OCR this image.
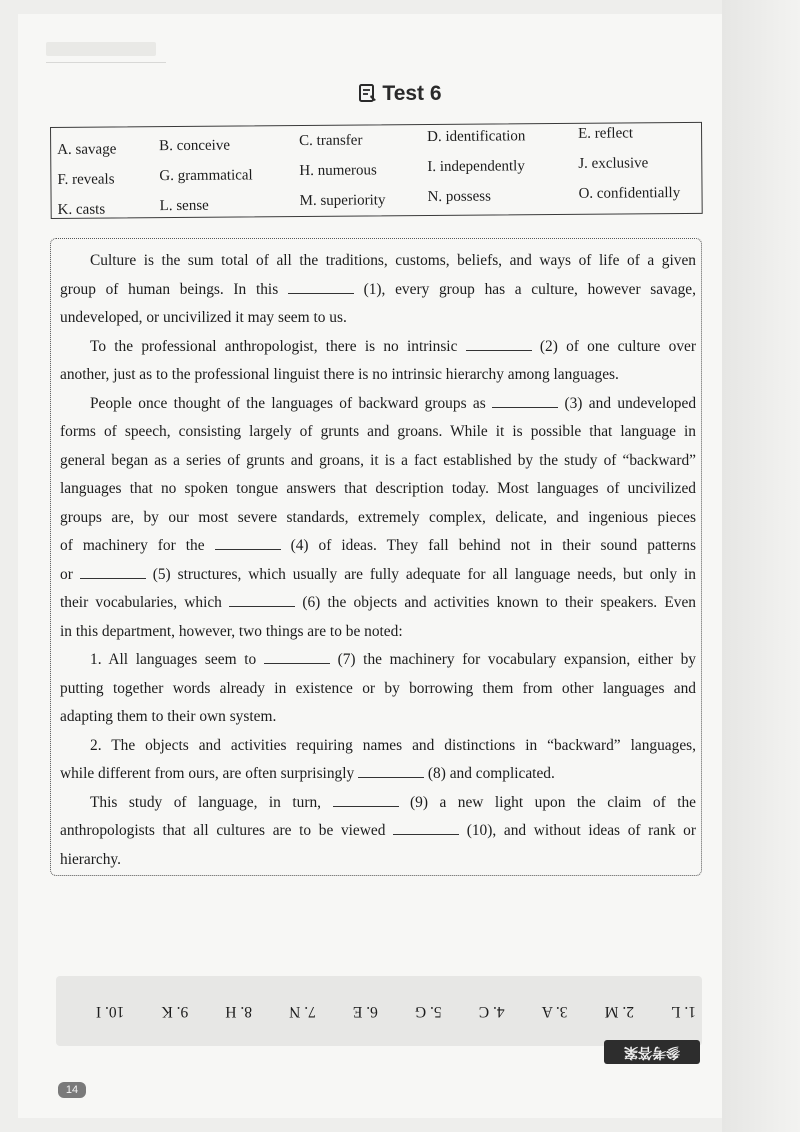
Test 6
A. savage	B. conceive	C. transfer	D. identification	E. reflect
F. reveals	G. grammatical	H. numerous	I. independently	J. exclusive
K. casts	L. sense	M. superiority	N. possess	O. confidentially
Culture is the sum total of all the traditions, customs, beliefs, and ways of life of a given
group of human beings. In this	(1), every group has a culture, however savage,
undeveloped, or uncivilized it may seem to us.
To the professional anthropologist, there is no intrinsic	(2) of one culture over
another, just as to the professional linguist there is no intrinsic hierarchy among languages.
People once thought of the languages of backward groups as	(3) and undeveloped
forms of speech, consisting largely of grunts and groans. While it is possible that language in
general began as a series of grunts and groans, it is a fact established by the study of “backward”
languages that no spoken tongue answers that description today. Most languages of uncivilized
groups are, by our most severe standards, extremely complex, delicate, and ingenious pieces
of machinery for the	(4) of ideas. They fall behind not in their sound patterns
or	(5) structures, which usually are fully adequate for all language needs, but only in
their vocabularies, which	(6) the objects and activities known to their speakers. Even
in this department, however, two things are to be noted:
1. All languages seem to	(7) the machinery for vocabulary expansion, either by
putting together words already in existence or by borrowing them from other languages and
adapting them to their own system.
2. The objects and activities requiring names and distinctions in “backward” languages,
while different from ours, are often surprisingly	(8) and complicated.
This study of language, in turn,	(9) a new light upon the claim of the
anthropologists that all cultures are to be viewed	(10), and without ideas of rank or
hierarchy.
1. L
2. M
3. A
4. C
5. G
6. E
7. N
8. H
9. K
10. I
参考答案
14
